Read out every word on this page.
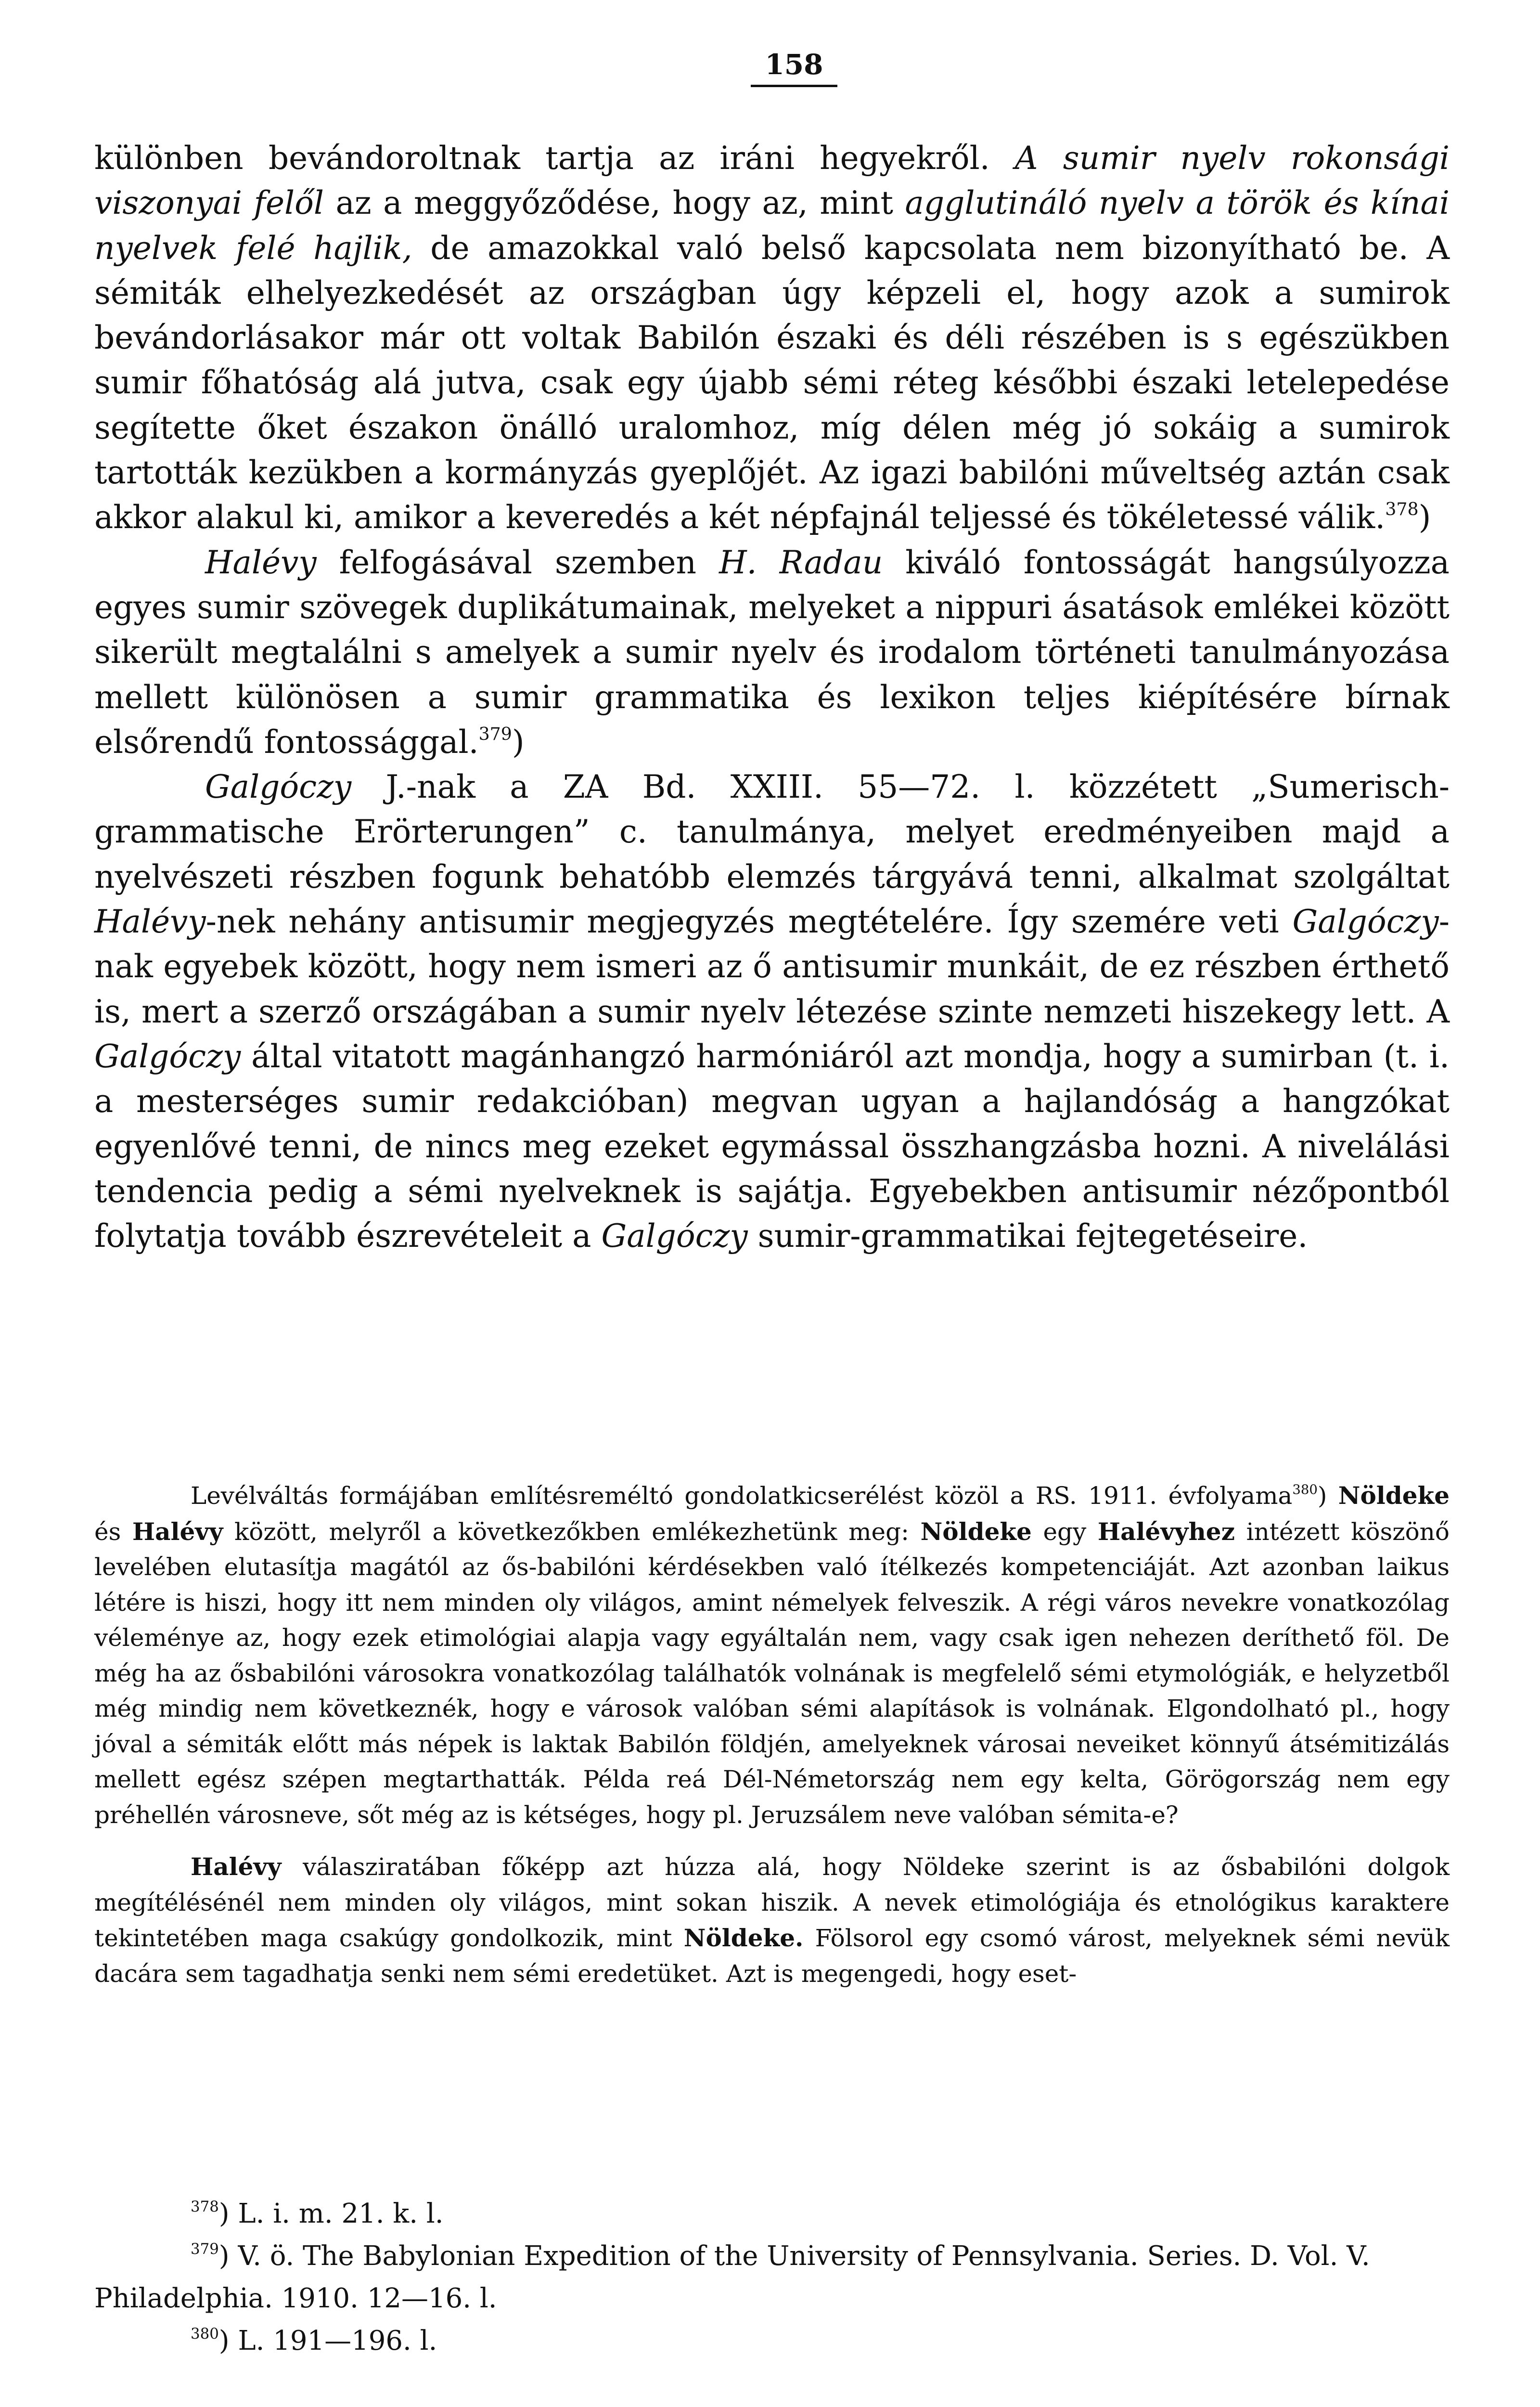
158

különben bevándoroltnak tartja az iráni hegyekről. A sumir nyelv rokonsági viszonyai felől az a meggyőződése, hogy az, mint agglutináló nyelv a török és kínai nyelvek felé hajlik, de amazokkal való belső kapcsolata nem bizonyítható be. A sémiták elhelyezkedését az országban úgy képzeli el, hogy azok a sumirok bevándorlásakor már ott voltak Babilón északi és déli részében is s egészükben sumir főhatóság alá jutva, csak egy újabb sémi réteg későbbi északi letelepedése segítette őket északon önálló uralomhoz, míg délen még jó sokáig a sumirok tartották kezükben a kormányzás gyeplőjét. Az igazi babilóni műveltség aztán csak akkor alakul ki, amikor a keveredés a két népfajnál teljessé és tökéletessé válik.$^{378}$)

Halévy felfogásával szemben H. Radau kiváló fontosságát hangsúlyozza egyes sumir szövegek duplikátumainak, melyeket a nippuri ásatások emlékei között sikerült megtalálni s amelyek a sumir nyelv és irodalom történeti tanulmányozása mellett különösen a sumir grammatika és lexikon teljes kiépítésére bírnak elsőrendű fontossággal.$^{379}$)

Galgóczy J.-nak a ZA Bd. XXIII. 55—72. l. közzétett „Sumerisch-grammatische Erörterungen” c. tanulmánya, melyet eredményeiben majd a nyelvészeti részben fogunk behatóbb elemzés tárgyává tenni, alkalmat szolgáltat Halévy-nek nehány antisumir megjegyzés megtételére. Így szemére veti Galgóczy-nak egyebek között, hogy nem ismeri az ő antisumir munkáit, de ez részben érthető is, mert a szerző országában a sumir nyelv létezése szinte nemzeti hiszekegy lett. A Galgóczy által vitatott magánhangzó harmóniáról azt mondja, hogy a sumirban (t. i. a mesterséges sumir redakcióban) megvan ugyan a hajlandóság a hangzókat egyenlővé tenni, de nincs meg ezeket egymással összhangzásba hozni. A nivelálási tendencia pedig a sémi nyelveknek is sajátja. Egyebekben antisumir nézőpontból folytatja tovább észrevételeit a Galgóczy sumir-grammatikai fejtegetéseire.

Levélváltás formájában említésreméltó gondolatkicserélést közöl a RS. 1911. évfolyama$^{380}$) Nöldeke és Halévy között, melyről a következőkben emlékezhetünk meg: Nöldeke egy Halévyhez intézett köszönő levelében elutasítja magától az ős-babilóni kérdésekben való ítélkezés kompetenciáját. Azt azonban laikus létére is hiszi, hogy itt nem minden oly világos, amint némelyek felveszik. A régi város nevekre vonatkozólag véleménye az, hogy ezek etimológiai alapja vagy egyáltalán nem, vagy csak igen nehezen deríthető föl. De még ha az ősbabilóni városokra vonatkozólag találhatók volnának is megfelelő sémi etymológiák, e helyzetből még mindig nem következnék, hogy e városok valóban sémi alapítások is volnának. Elgondolható pl., hogy jóval a sémiták előtt más népek is laktak Babilón földjén, amelyeknek városai neveiket könnyű átsémitizálás mellett egész szépen megtarthatták. Példa reá Dél-Németország nem egy kelta, Görögország nem egy préhellén városneve, sőt még az is kétséges, hogy pl. Jeruzsálem neve valóban sémita-e?

Halévy válasziratában főképp azt húzza alá, hogy Nöldeke szerint is az ősbabilóni dolgok megítélésénél nem minden oly világos, mint sokan hiszik. A nevek etimológiája és etnológikus karaktere tekintetében maga csakúgy gondolkozik, mint Nöldeke. Fölsorol egy csomó várost, melyeknek sémi nevük dacára sem tagadhatja senki nem sémi eredetüket. Azt is megengedi, hogy eset-

$^{378}$) L. i. m. 21. k. l.

$^{379}$) V. ö. The Babylonian Expedition of the University of Pennsylvania. Series. D. Vol. V. Philadelphia. 1910. 12—16. l.

$^{380}$) L. 191—196. l.
